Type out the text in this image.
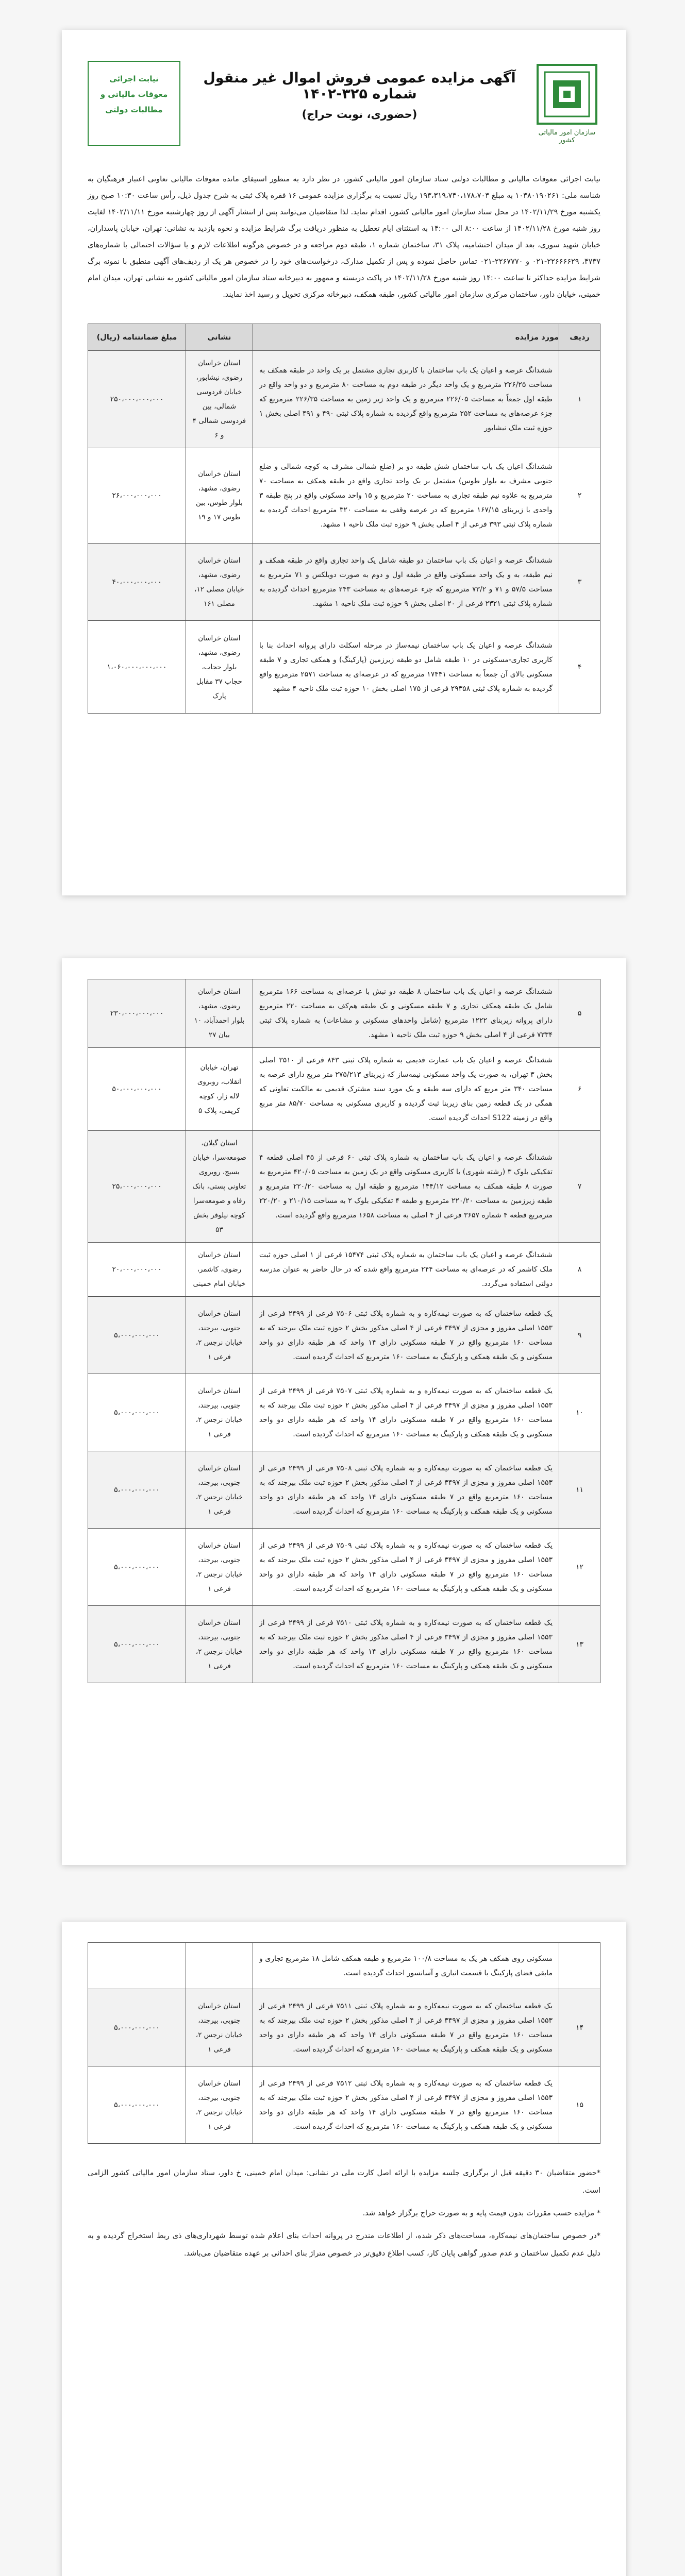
سازمان امور مالیاتی کشور
آگهی مزایده عمومی فروش اموال غیر منقول شماره ۳۲۵-۱۴۰۲
(حضوری، نوبت حراج)
نیابت اجرائی
معوقات مالیاتی و
مطالبات دولتی

نیابت اجرائی معوقات مالیاتی و مطالبات دولتی ستاد سازمان امور مالیاتی کشور، در نظر دارد به منظور استیفای مانده معوقات مالیاتی تعاونی اعتبار فرهنگیان به شناسه ملی: ۱۰۳۸۰۱۹۰۲۶۱ به مبلغ ۱۹۳،۳۱۹،۷۴۰،۱۷۸،۷۰۳ ریال نسبت به برگزاری مزایده عمومی ۱۶ فقره پلاک ثبتی به شرح جدول ذیل، رأس ساعت ۱۰:۳۰ صبح روز یکشنبه مورخ ۱۴۰۲/۱۱/۲۹ در محل ستاد سازمان امور مالیاتی کشور، اقدام نماید. لذا متقاضیان می‌توانند پس از انتشار آگهی از روز چهارشنبه مورخ ۱۴۰۲/۱۱/۱۱ لغایت روز شنبه مورخ ۱۴۰۲/۱۱/۲۸ از ساعت ۸:۰۰ الی ۱۴:۰۰ به استثنای ایام تعطیل به منظور دریافت برگ شرایط مزایده و نحوه بازدید به نشانی: تهران، خیابان پاسداران، خیابان شهید سوری، بعد از میدان احتشامیه، پلاک ۳۱، ساختمان شماره ۱، طبقه دوم مراجعه و در خصوص هرگونه اطلاعات لازم و یا سؤالات احتمالی با شماره‌های ۴۷۳۷، ۲۲۶۶۶۶۲۹-۰۲۱ و ۲۲۶۷۷۷۰-۰۲۱ تماس حاصل نموده و پس از تکمیل مدارک، درخواست‌های خود را در خصوص هر یک از ردیف‌های آگهی منطبق با نمونه برگ شرایط مزایده حداکثر تا ساعت ۱۴:۰۰ روز شنبه مورخ ۱۴۰۲/۱۱/۲۸ در پاکت دربسته و ممهور به دبیرخانه ستاد سازمان امور مالیاتی کشور به نشانی تهران، میدان امام خمینی، خیابان داور، ساختمان مرکزی سازمان امور مالیاتی کشور، طبقه همکف، دبیرخانه مرکزی تحویل و رسید اخذ نمایند.

ردیف	مورد مزایده	نشانی	مبلغ ضمانتنامه (ریال)
۱	ششدانگ عرصه و اعیان یک باب ساختمان با کاربری تجاری مشتمل بر یک واحد در طبقه همکف به مساحت ۲۲۶/۲۵ مترمربع و یک واحد دیگر در طبقه دوم به مساحت ۸۰ مترمربع و دو واحد واقع در طبقه اول جمعاً به مساحت ۲۲۶/۰۵ مترمربع و یک واحد زیر زمین به مساحت ۲۲۶/۳۵ مترمربع که جزء عرصه‌های به مساحت ۲۵۲ مترمربع واقع گردیده به شماره پلاک ثبتی ۴۹۰ و ۴۹۱ اصلی بخش ۱ حوزه ثبت ملک نیشابور	استان خراسان رضوی، نیشابور، خیابان فردوسی شمالی، بین فردوسی شمالی ۴ و ۶	۲۵۰،۰۰۰،۰۰۰،۰۰۰
۲	ششدانگ اعیان یک باب ساختمان شش طبقه دو بر (ضلع شمالی مشرف به کوچه شمالی و ضلع جنوبی مشرف به بلوار طوس) مشتمل بر یک واحد تجاری واقع در طبقه همکف به مساحت ۷۰ مترمربع به علاوه نیم طبقه تجاری به مساحت ۲۰ مترمربع و ۱۵ واحد مسکونی واقع در پنج طبقه ۳ واحدی با زیربنای ۱۶۷/۱۵ مترمربع که در عرصه وقفی به مساحت ۳۲۰ مترمربع احداث گردیده به شماره پلاک ثبتی ۳۹۳ فرعی از ۴ اصلی بخش ۹ حوزه ثبت ملک ناحیه ۱ مشهد.	استان خراسان رضوی، مشهد، بلوار طوس، بین طوس ۱۷ و ۱۹	۲۶،۰۰۰،۰۰۰،۰۰۰
۳	ششدانگ عرصه و اعیان یک باب ساختمان دو طبقه شامل یک واحد تجاری واقع در طبقه همکف و نیم طبقه، به و یک واحد مسکونی واقع در طبقه اول و دوم به صورت دوبلکس و ۷۱ مترمربع به مساحت ۵۷/۵ و ۷۱ و ۷۳/۲ مترمربع که جزء عرصه‌های به مساحت ۲۴۳ مترمربع احداث گردیده به شماره پلاک ثبتی ۲۳۲۱ فرعی از ۲۰ اصلی بخش ۹ حوزه ثبت ملک ناحیه ۱ مشهد.	استان خراسان رضوی، مشهد، خیابان مصلی ۱۲، مصلی ۱۶۱	۴۰،۰۰۰،۰۰۰،۰۰۰
۴	ششدانگ عرصه و اعیان یک باب ساختمان نیمه‌ساز در مرحله اسکلت دارای پروانه احداث بنا با کاربری تجاری-مسکونی در ۱۰ طبقه شامل دو طبقه زیرزمین (پارکینگ) و همکف تجاری و ۷ طبقه مسکونی بالای آن جمعاً به مساحت ۱۷۴۴۱ مترمربع که در عرصه‌ای به مساحت ۲۵۷۱ مترمربع واقع گردیده به شماره پلاک ثبتی ۲۹۳۵۸ فرعی از ۱۷۵ اصلی بخش ۱۰ حوزه ثبت ملک ناحیه ۴ مشهد	استان خراسان رضوی، مشهد، بلوار حجاب، حجاب ۳۷ مقابل پارک	۱،۰۶۰،۰۰۰،۰۰۰،۰۰۰
۵	ششدانگ عرصه و اعیان یک باب ساختمان ۸ طبقه دو نبش با عرصه‌ای به مساحت ۱۶۶ مترمربع شامل یک طبقه همکف تجاری و ۷ طبقه مسکونی و یک طبقه هم‌کف به مساحت ۲۲۰ مترمربع دارای پروانه زیربنای ۱۲۲۲ مترمربع (شامل واحدهای مسکونی و مشاعات) به شماره پلاک ثبتی ۷۳۳۴ فرعی از ۴ اصلی بخش ۹ حوزه ثبت ملک ناحیه ۱ مشهد.	استان خراسان رضوی، مشهد، بلوار احمدآباد، ۱۰ بیان ۲۷	۲۳۰،۰۰۰،۰۰۰،۰۰۰
۶	ششدانگ عرصه و اعیان یک باب عمارت قدیمی به شماره پلاک ثبتی ۸۴۳ فرعی از ۳۵۱۰ اصلی بخش ۳ تهران، به صورت یک واحد مسکونی نیمه‌ساز که زیربنای ۲۷۵/۲۱۳ متر مربع دارای عرصه به مساحت ۳۴۰ متر مربع که دارای سه طبقه و یک مورد سند مشترک قدیمی به مالکیت تعاونی که همگی در یک قطعه زمین بنای زیربنا ثبت گردیده و کاربری مسکونی به مساحت ۸۵/۷۰ متر مربع واقع در زمینه S122 احداث گردیده است.	تهران، خیابان انقلاب، روبروی لاله زار، کوچه کریمی، پلاک ۵	۵۰،۰۰۰،۰۰۰،۰۰۰
۷	ششدانگ عرصه و اعیان یک باب ساختمان به شماره پلاک ثبتی ۶۰ فرعی از ۴۵ اصلی قطعه ۴ تفکیکی بلوک ۳ (رشته شهری) با کاربری مسکونی واقع در یک زمین به مساحت ۴۲۰/۰۵ مترمربع به صورت ۸ طبقه همکف به مساحت ۱۴۴/۱۲ مترمربع و طبقه اول به مساحت ۲۲۰/۲۰ مترمربع و طبقه زیرزمین به مساحت ۲۲۰/۲۰ مترمربع و طبقه ۴ تفکیکی بلوک ۲ به مساحت ۲۱۰/۱۵ و ۲۲۰/۲۰ مترمربع قطعه ۴ شماره ۳۶۵۷ فرعی از ۴ اصلی به مساحت ۱۶۵۸ مترمربع واقع گردیده است.	استان گیلان، صومعه‌سرا، خیابان بسیج، روبروی تعاونی پستی، بانک رفاه و صومعه‌سرا کوچه نیلوفر بخش ۵۳	۲۵،۰۰۰،۰۰۰،۰۰۰
۸	ششدانگ عرصه و اعیان یک باب ساختمان به شماره پلاک ثبتی ۱۵۴۷۴ فرعی از ۱ اصلی حوزه ثبت ملک کاشمر که در عرصه‌ای به مساحت ۲۴۴ مترمربع واقع شده که در حال حاضر به عنوان مدرسه دولتی استفاده می‌گردد.	استان خراسان رضوی، کاشمر، خیابان امام خمینی	۲۰،۰۰۰،۰۰۰،۰۰۰
۹	یک قطعه ساختمان که به صورت نیمه‌کاره و به شماره پلاک ثبتی ۷۵۰۶ فرعی از ۲۴۹۹ فرعی از ۱۵۵۳ اصلی مفروز و مجزی از ۳۴۹۷ فرعی از ۴ اصلی مذکور بخش ۲ حوزه ثبت ملک بیرجند که به مساحت ۱۶۰ مترمربع واقع در ۷ طبقه مسکونی دارای ۱۴ واحد که هر طبقه دارای دو واحد مسکونی و یک طبقه همکف و پارکینگ به مساحت ۱۶۰ مترمربع که احداث گردیده است.	استان خراسان جنوبی، بیرجند، خیابان نرجس ۲، فرعی ۱	۵،۰۰۰،۰۰۰،۰۰۰
۱۰	یک قطعه ساختمان که به صورت نیمه‌کاره و به شماره پلاک ثبتی ۷۵۰۷ فرعی از ۲۴۹۹ فرعی از ۱۵۵۳ اصلی مفروز و مجزی از ۳۴۹۷ فرعی از ۴ اصلی مذکور بخش ۲ حوزه ثبت ملک بیرجند که به مساحت ۱۶۰ مترمربع واقع در ۷ طبقه مسکونی دارای ۱۴ واحد که هر طبقه دارای دو واحد مسکونی و یک طبقه همکف و پارکینگ به مساحت ۱۶۰ مترمربع که احداث گردیده است.	استان خراسان جنوبی، بیرجند، خیابان نرجس ۲، فرعی ۱	۵،۰۰۰،۰۰۰،۰۰۰
۱۱	یک قطعه ساختمان که به صورت نیمه‌کاره و به شماره پلاک ثبتی ۷۵۰۸ فرعی از ۲۴۹۹ فرعی از ۱۵۵۳ اصلی مفروز و مجزی از ۳۴۹۷ فرعی از ۴ اصلی مذکور بخش ۲ حوزه ثبت ملک بیرجند که به مساحت ۱۶۰ مترمربع واقع در ۷ طبقه مسکونی دارای ۱۴ واحد که هر طبقه دارای دو واحد مسکونی و یک طبقه همکف و پارکینگ به مساحت ۱۶۰ مترمربع که احداث گردیده است.	استان خراسان جنوبی، بیرجند، خیابان نرجس ۲، فرعی ۱	۵،۰۰۰،۰۰۰،۰۰۰
۱۲	یک قطعه ساختمان که به صورت نیمه‌کاره و به شماره پلاک ثبتی ۷۵۰۹ فرعی از ۲۴۹۹ فرعی از ۱۵۵۳ اصلی مفروز و مجزی از ۳۴۹۷ فرعی از ۴ اصلی مذکور بخش ۲ حوزه ثبت ملک بیرجند که به مساحت ۱۶۰ مترمربع واقع در ۷ طبقه مسکونی دارای ۱۴ واحد که هر طبقه دارای دو واحد مسکونی و یک طبقه همکف و پارکینگ به مساحت ۱۶۰ مترمربع که احداث گردیده است.	استان خراسان جنوبی، بیرجند، خیابان نرجس ۲، فرعی ۱	۵،۰۰۰،۰۰۰،۰۰۰
۱۳	یک قطعه ساختمان که به صورت نیمه‌کاره و به شماره پلاک ثبتی ۷۵۱۰ فرعی از ۲۴۹۹ فرعی از ۱۵۵۳ اصلی مفروز و مجزی از ۳۴۹۷ فرعی از ۴ اصلی مذکور بخش ۲ حوزه ثبت ملک بیرجند که به مساحت ۱۶۰ مترمربع واقع در ۷ طبقه مسکونی دارای ۱۴ واحد که هر طبقه دارای دو واحد مسکونی و یک طبقه همکف و پارکینگ به مساحت ۱۶۰ مترمربع که احداث گردیده است.	استان خراسان جنوبی، بیرجند، خیابان نرجس ۲، فرعی ۱	۵،۰۰۰،۰۰۰،۰۰۰
	مسکونی روی همکف هر یک به مساحت ۱۰۰/۸ مترمربع و طبقه همکف شامل ۱۸ مترمربع تجاری و مابقی فضای پارکینگ با قسمت انباری و آسانسور احداث گردیده است.		
۱۴	یک قطعه ساختمان که به صورت نیمه‌کاره و به شماره پلاک ثبتی ۷۵۱۱ فرعی از ۲۴۹۹ فرعی از ۱۵۵۳ اصلی مفروز و مجزی از ۳۴۹۷ فرعی از ۴ اصلی مذکور بخش ۲ حوزه ثبت ملک بیرجند که به مساحت ۱۶۰ مترمربع واقع در ۷ طبقه مسکونی دارای ۱۴ واحد که هر طبقه دارای دو واحد مسکونی و یک طبقه همکف و پارکینگ به مساحت ۱۶۰ مترمربع که احداث گردیده است.	استان خراسان جنوبی، بیرجند، خیابان نرجس ۲، فرعی ۱	۵،۰۰۰،۰۰۰،۰۰۰
۱۵	یک قطعه ساختمان که به صورت نیمه‌کاره و به شماره پلاک ثبتی ۷۵۱۲ فرعی از ۲۴۹۹ فرعی از ۱۵۵۳ اصلی مفروز و مجزی از ۳۴۹۷ فرعی از ۴ اصلی مذکور بخش ۲ حوزه ثبت ملک بیرجند که به مساحت ۱۶۰ مترمربع واقع در ۷ طبقه مسکونی دارای ۱۴ واحد که هر طبقه دارای دو واحد مسکونی و یک طبقه همکف و پارکینگ به مساحت ۱۶۰ مترمربع که احداث گردیده است.	استان خراسان جنوبی، بیرجند، خیابان نرجس ۲، فرعی ۱	۵،۰۰۰،۰۰۰،۰۰۰

*حضور متقاضیان ۳۰ دقیقه قبل از برگزاری جلسه مزایده با ارائه اصل کارت ملی در نشانی: میدان امام خمینی، خ داور، ستاد سازمان امور مالیاتی کشور الزامی است.

* مزایده حسب مقررات بدون قیمت پایه و به صورت حراج برگزار خواهد شد.

*در خصوص ساختمان‌های نیمه‌کاره، مساحت‌های ذکر شده، از اطلاعات مندرج در پروانه احداث بنای اعلام شده توسط شهرداری‌های ذی ربط استخراج گردیده و به دلیل عدم تکمیل ساختمان و عدم صدور گواهی پایان کار، کسب اطلاع دقیق‌تر در خصوص متراژ بنای احداثی بر عهده متقاضیان می‌باشد.
